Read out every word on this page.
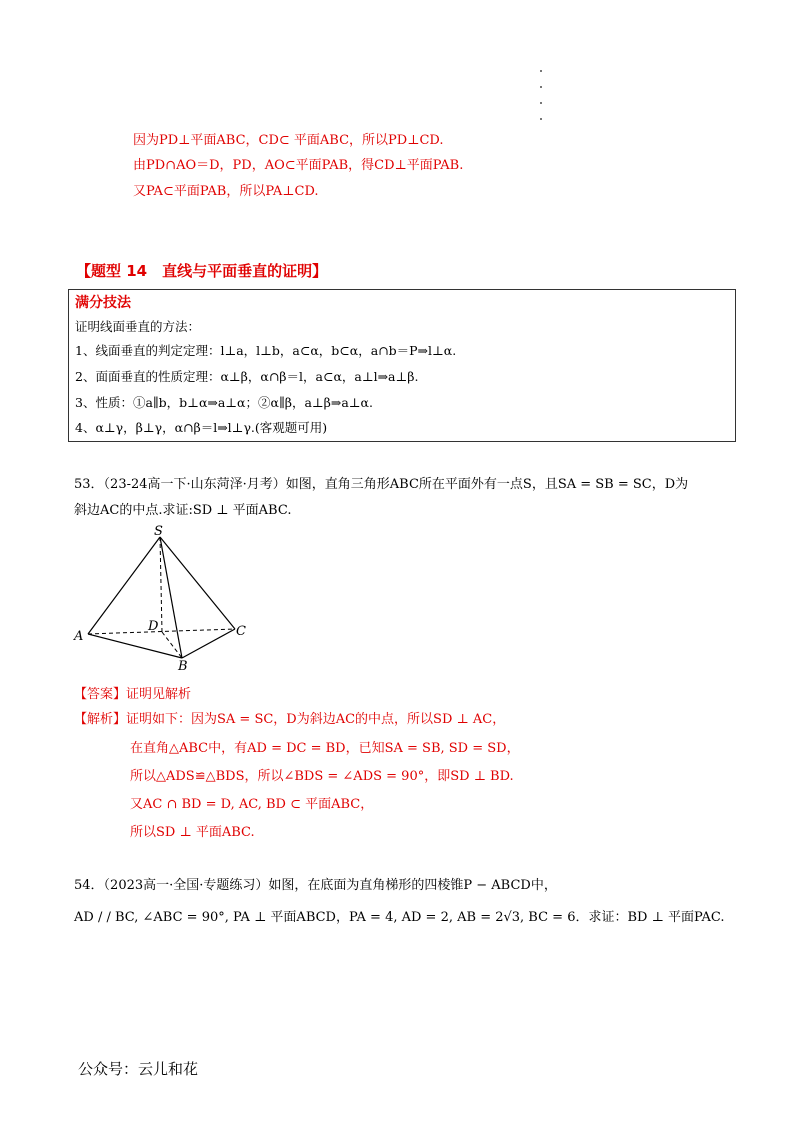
因为PD⊥平面ABC，CD⊂ 平面ABC，所以PD⊥CD.
由PD∩AO＝D，PD，AO⊂平面PAB，得CD⊥平面PAB.
又PA⊂平面PAB，所以PA⊥CD.
【题型 14　直线与平面垂直的证明】
满分技法
证明线面垂直的方法：
1、线面垂直的判定定理：l⊥a，l⊥b，a⊂α，b⊂α，a∩b＝P⇒l⊥α.
2、面面垂直的性质定理：α⊥β，α∩β＝l，a⊂α，a⊥l⇒a⊥β.
3、性质：①a∥b，b⊥α⇒a⊥α；②α∥β，a⊥β⇒a⊥α.
4、α⊥γ，β⊥γ，α∩β＝l⇒l⊥γ.(客观题可用)
53．（23-24高一下·山东菏泽·月考）如图，直角三角形ABC所在平面外有一点S，且SA = SB = SC，D为
斜边AC的中点.求证:SD ⊥ 平面ABC.
S
A
B
C
D
【答案】证明见解析
【解析】证明如下：因为SA = SC，D为斜边AC的中点，所以SD ⊥ AC，
在直角△ABC中，有AD = DC = BD，已知SA = SB, SD = SD，
所以△ADS≌△BDS，所以∠BDS = ∠ADS = 90°，即SD ⊥ BD.
又AC ∩ BD = D, AC, BD ⊂ 平面ABC，
所以SD ⊥ 平面ABC.
54．（2023高一·全国·专题练习）如图，在底面为直角梯形的四棱锥P − ABCD中，
AD / / BC, ∠ABC = 90°, PA ⊥ 平面ABCD，PA = 4, AD = 2, AB = 2√3, BC = 6．求证：BD ⊥ 平面PAC.
公众号：云儿和花
